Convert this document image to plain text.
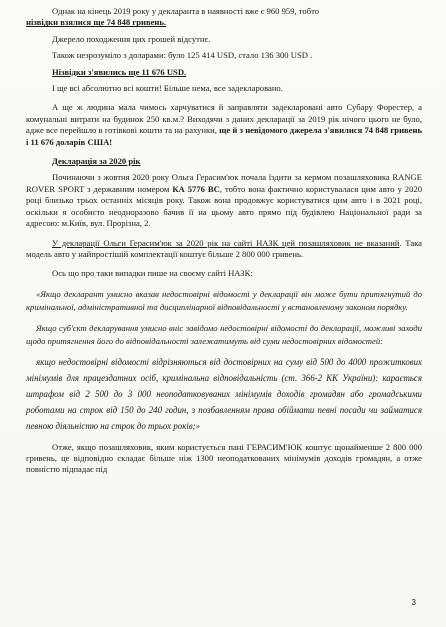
Однак на кінець 2019 року у декларанта в наявності вже є 960 959, тобто
нізвідки взялися ще 74 848 гривень.

Джерело походження цих грошей відсутнє.

Також незрозуміло з доларами: було 125 414 USD, стало 136 300 USD .

Нізвідки з'явились ще 11 676 USD.

І ще всі абсолютно всі кошти! Більше нема, все задекларовано.

А ще ж людина мала чимось харчуватися й заправляти задекларовані авто Субару Форестер, а комунальні витрати на будинок 250 кв.м.? Виходячи з даних декларації за 2019 рік нічого цього не було, адже все перейшло в готівкові кошти та на рахунки, ще й з невідомого джерела з'явилися 74 848 гривень і 11 676 доларів США!

Декларація за 2020 рік

Починаючи з жовтня 2020 року Ольга Герасим'юк почала їздити за кермом позашляховика RANGE ROVER SPORT з державним номером КА 5776 ВС, тобто вона фактично користувалася цим авто у 2020 році близько трьох останніх місяців року. Також вона продовжує користуватися цим авто і в 2021 році, оскільки я особисто неодноразово бачив її на цьому авто прямо під будівлею Національної ради за адресою: м.Київ, вул. Прорізна, 2.

У декларації Ольги Герасим'юк за 2020 рік на сайті НАЗК цей позашляховик не вказаний. Така модель авто у найпростішій комплектації коштує більше 2 800 000 гривень.

Ось що про таки випадки пише на своєму сайті НАЗК:

«Якщо декларант умисно вказав недостовірні відомості у декларації він може бути притягнутий до кримінальної, адміністративної та дисциплінарної відповідальності у встановленому законом порядку.

Якщо суб'єкт декларування умисно вніс завідомо недостовірні відомості до декларації, можливі заходи щодо притягнення його до відповідальності залежатимуть від суми недостовірних відомостей:

якщо недостовірні відомості відрізняються від достовірних на суму від 500 до 4000 прожиткових мінімумів для працездатних осіб, кримінальна відповідальність (ст. 366-2 КК України): карається штрафом від 2 500 до 3 000 неоподатковуваних мінімумів доходів громадян або громадськими роботами на строк від 150 до 240 годин, з позбавленням права обіймати певні посади чи займатися певною діяльністю на строк до трьох років;»

Отже, якщо позашляховик, яким користується пані ГЕРАСИМ'ЮК коштує щонайменше 2 800 000 гривень, це відповідно складає більше ніж 1300 неоподаткованих мінімумів доходів громадян, а отже повністю підпадає під

3
